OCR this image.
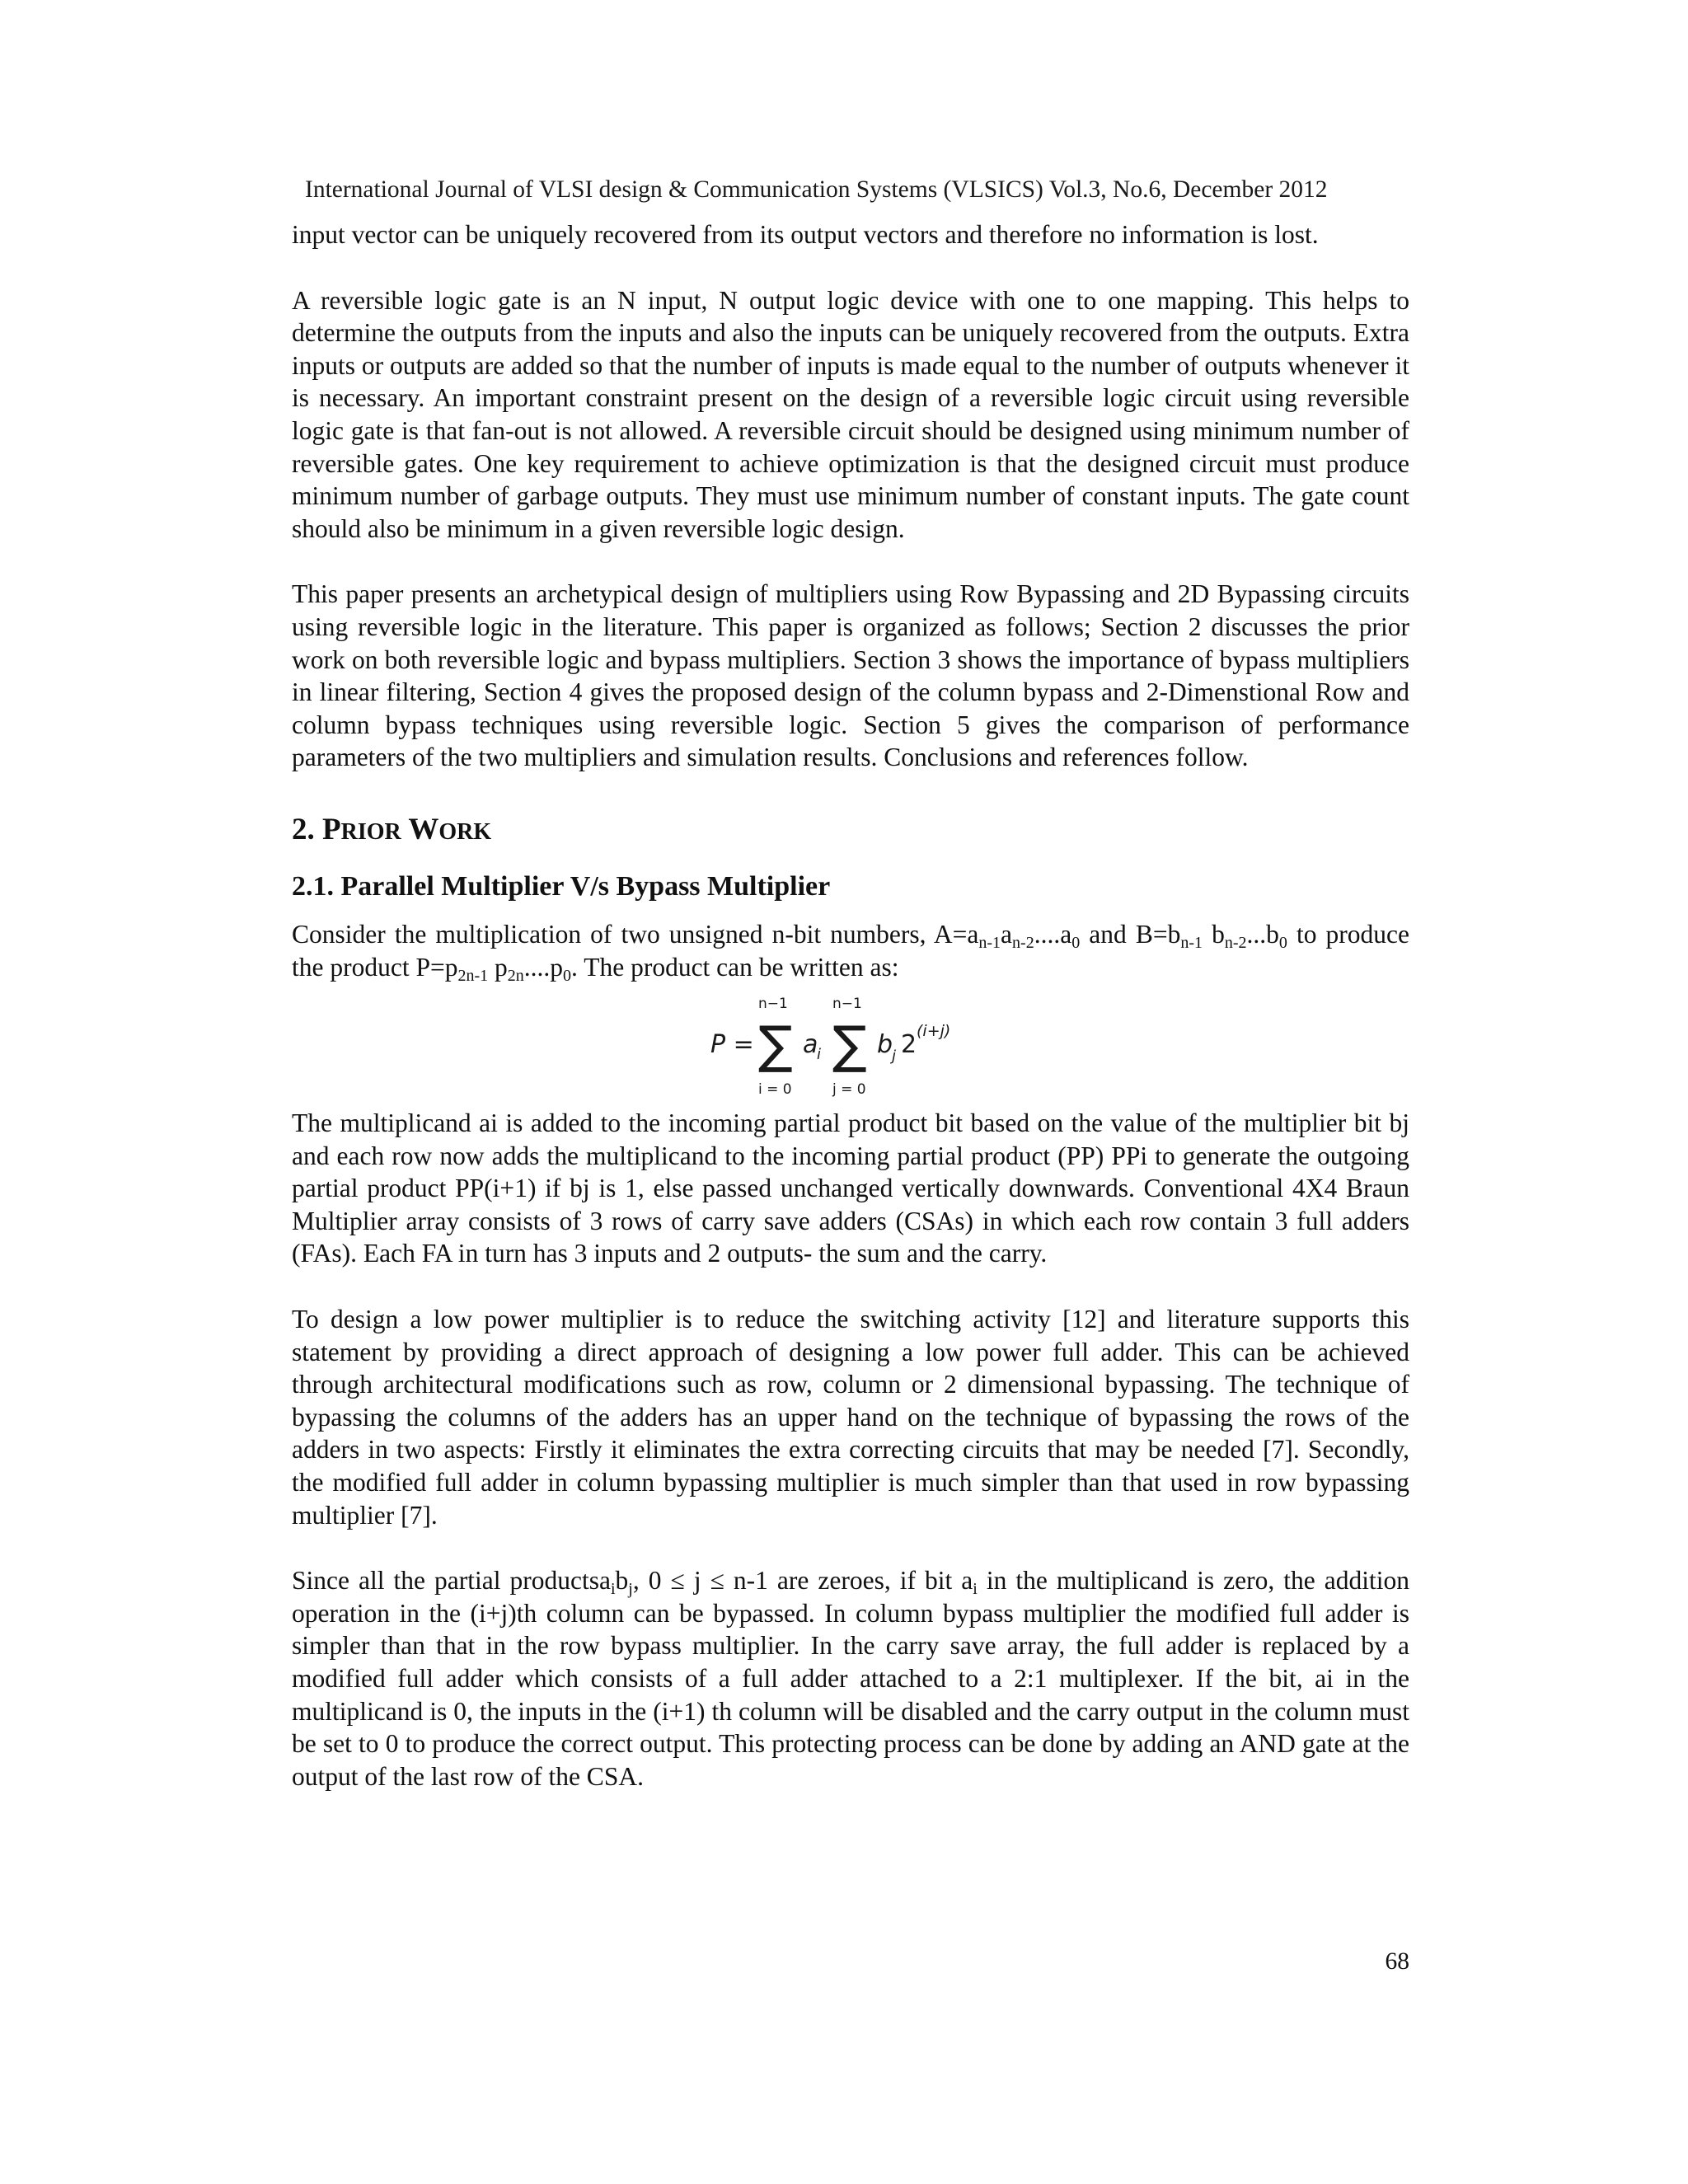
International Journal of VLSI design & Communication Systems (VLSICS) Vol.3, No.6, December 2012

input vector can be uniquely recovered from its output vectors and therefore no information is lost.

A reversible logic gate is an N input, N output logic device with one to one mapping. This helps to determine the outputs from the inputs and also the inputs can be uniquely recovered from the outputs. Extra inputs or outputs are added so that the number of inputs is made equal to the number of outputs whenever it is necessary. An important constraint present on the design of a reversible logic circuit using reversible logic gate is that fan-out is not allowed. A reversible circuit should be designed using minimum number of reversible gates. One key requirement to achieve optimization is that the designed circuit must produce minimum number of garbage outputs. They must use minimum number of constant inputs. The gate count should also be minimum in a given reversible logic design.

This paper presents an archetypical design of multipliers using Row Bypassing and 2D Bypassing circuits using reversible logic in the literature. This paper is organized as follows; Section 2 discusses the prior work on both reversible logic and bypass multipliers. Section 3 shows the importance of bypass multipliers in linear filtering, Section 4 gives the proposed design of the column bypass and 2-Dimenstional Row and column bypass techniques using reversible logic. Section 5 gives the comparison of performance parameters of the two multipliers and simulation results. Conclusions and references follow.

2. PRIOR WORK
2.1. Parallel Multiplier V/s Bypass Multiplier

Consider the multiplication of two unsigned n-bit numbers, $A=a_{n-1}a_{n-2}....a_0$ and $B=b_{n-1}$ $b_{n-2}...b_0$ to produce the product $P=p_{2n-1}$ $p_{2n}....p_0$. The product can be written as:

P =
n−1
∑
i = 0
a
i
n−1
∑
j = 0
b
j 2 (i+j)

The multiplicand ai is added to the incoming partial product bit based on the value of the multiplier bit bj and each row now adds the multiplicand to the incoming partial product (PP) PPi to generate the outgoing partial product PP(i+1) if bj is 1, else passed unchanged vertically downwards. Conventional 4X4 Braun Multiplier array consists of 3 rows of carry save adders (CSAs) in which each row contain 3 full adders (FAs). Each FA in turn has 3 inputs and 2 outputs- the sum and the carry.

To design a low power multiplier is to reduce the switching activity [12] and literature supports this statement by providing a direct approach of designing a low power full adder. This can be achieved through architectural modifications such as row, column or 2 dimensional bypassing. The technique of bypassing the columns of the adders has an upper hand on the technique of bypassing the rows of the adders in two aspects: Firstly it eliminates the extra correcting circuits that may be needed [7]. Secondly, the modified full adder in column bypassing multiplier is much simpler than that used in row bypassing multiplier [7].

Since all the partial $productsa_ib_j$, 0 ≤ j ≤ n-1 are zeroes, if bit $a_i$ in the multiplicand is zero, the addition operation in the (i+j)th column can be bypassed. In column bypass multiplier the modified full adder is simpler than that in the row bypass multiplier. In the carry save array, the full adder is replaced by a modified full adder which consists of a full adder attached to a 2:1 multiplexer. If the bit, ai in the multiplicand is 0, the inputs in the (i+1) th column will be disabled and the carry output in the column must be set to 0 to produce the correct output. This protecting process can be done by adding an AND gate at the output of the last row of the CSA.

68
